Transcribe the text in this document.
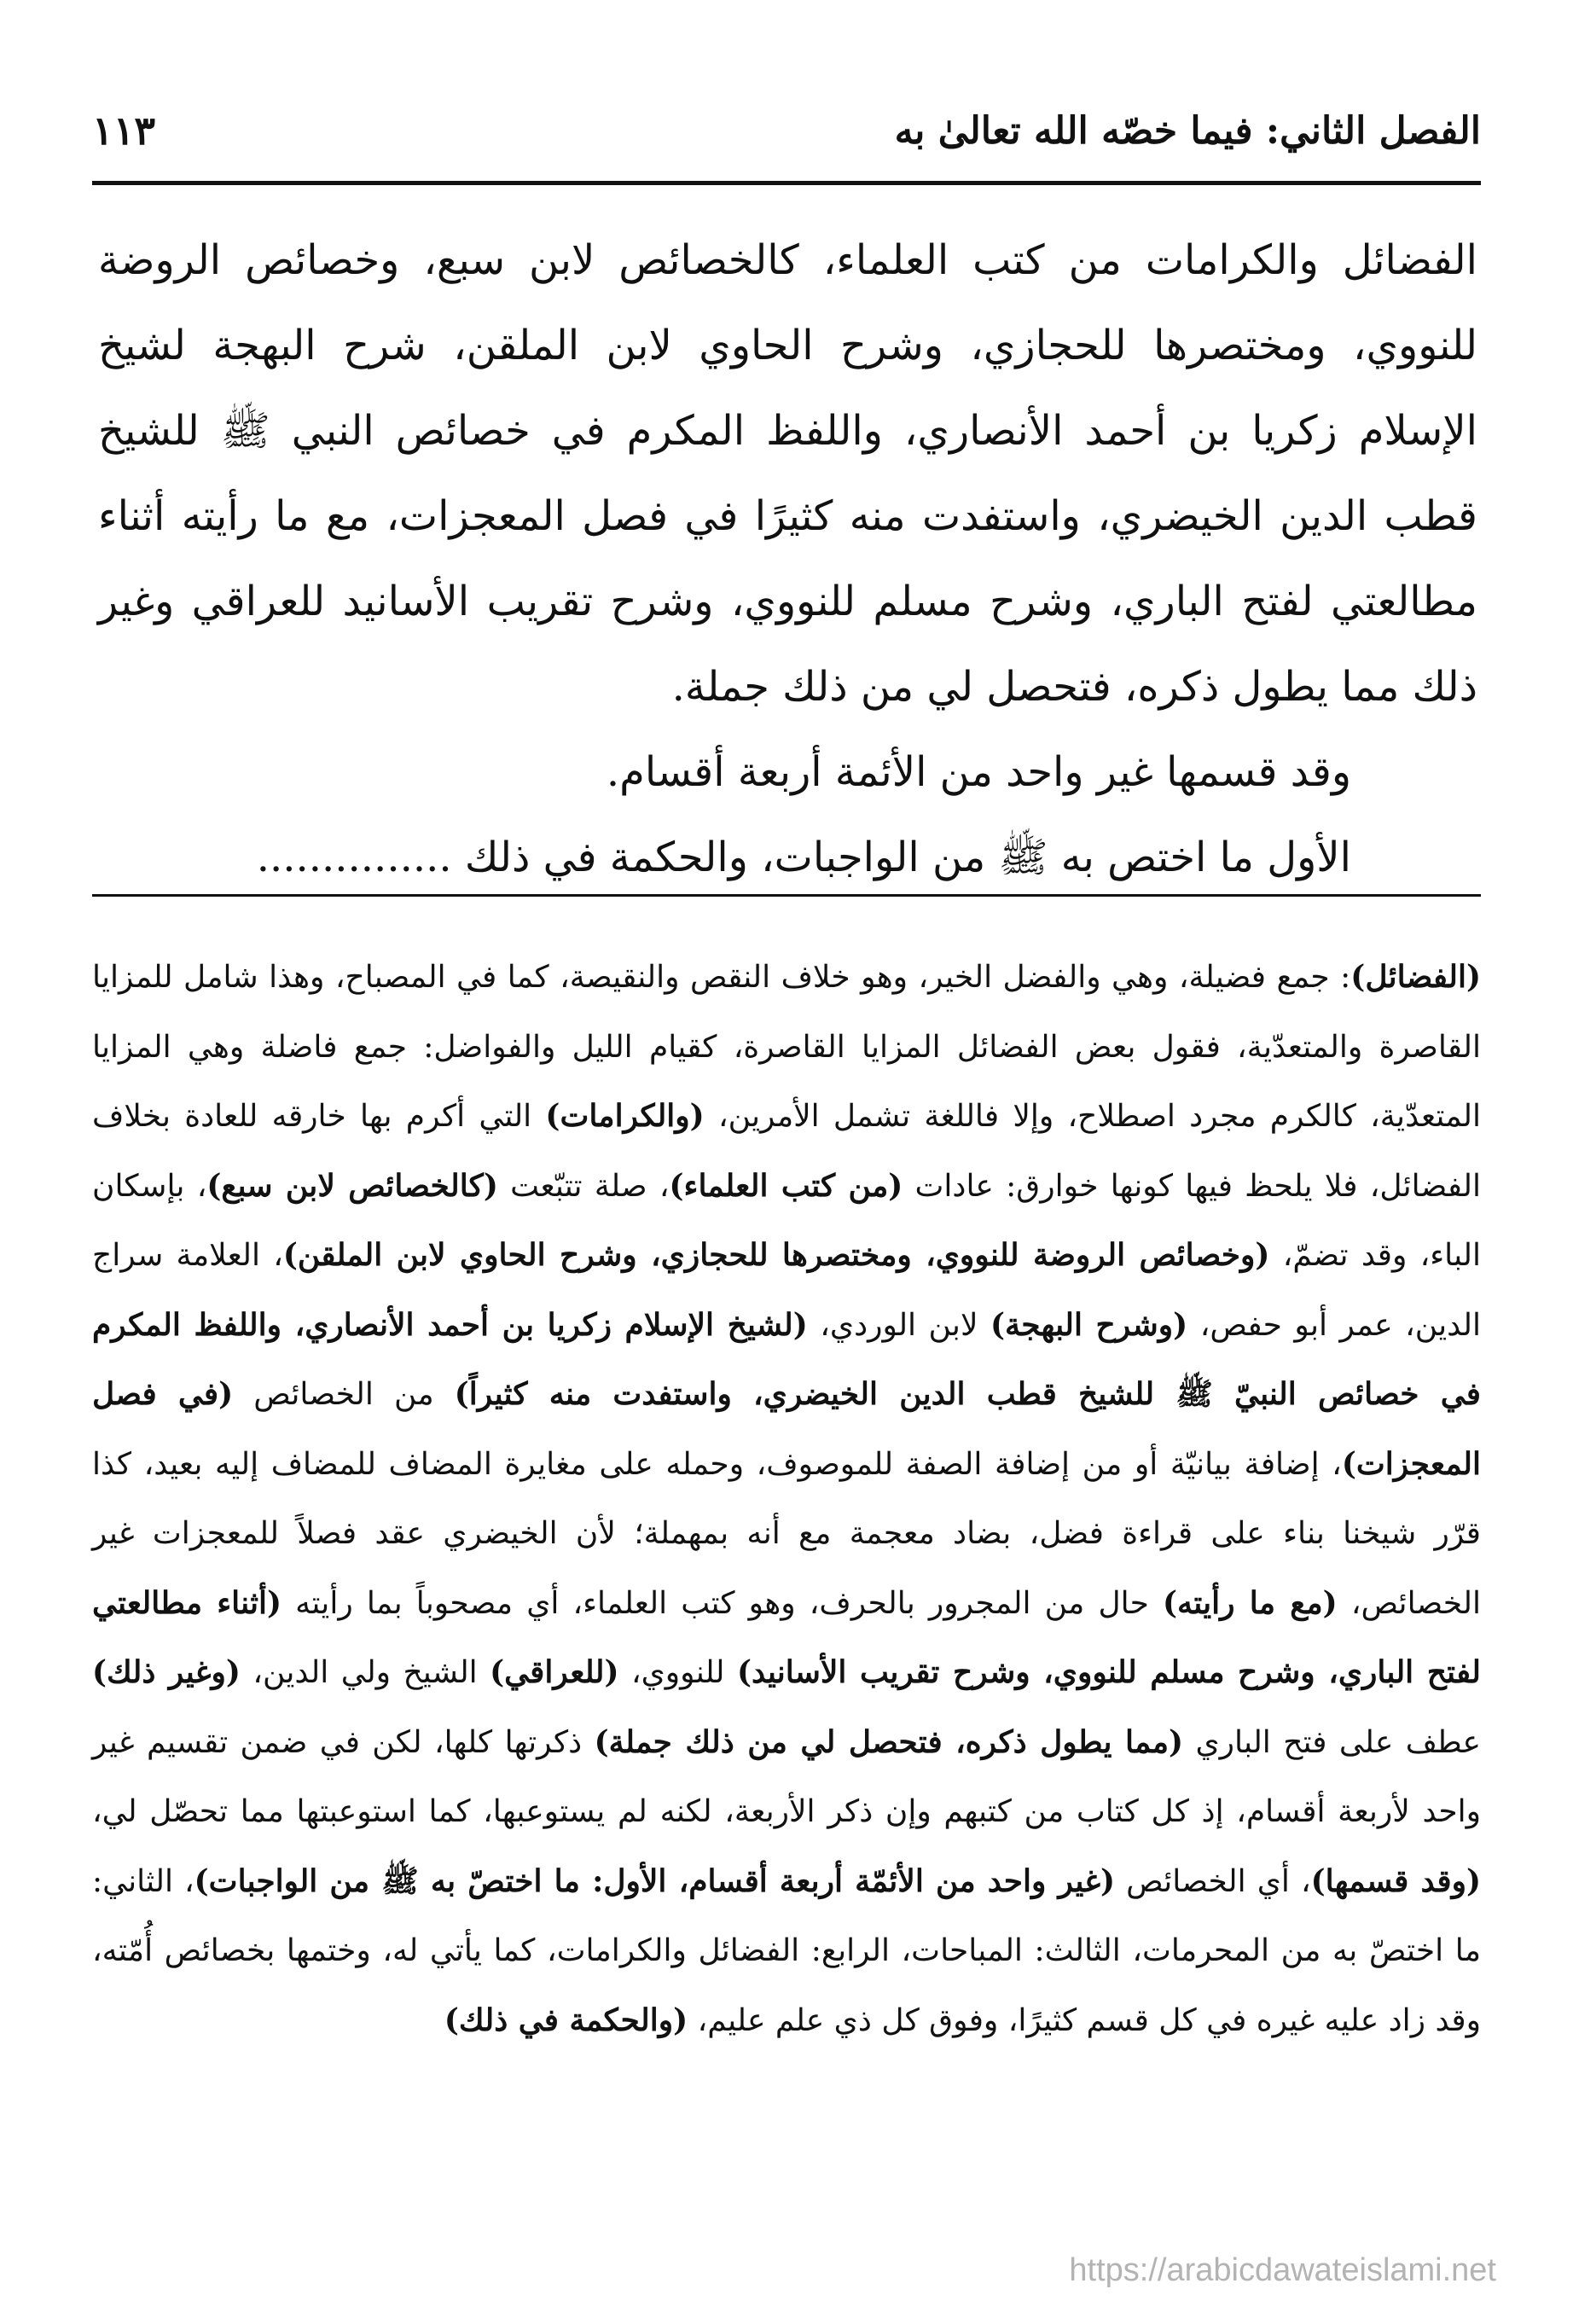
الفصل الثاني: فيما خصّه الله تعالىٰ به
١١٣

الفضائل والكرامات من كتب العلماء، كالخصائص لابن سبع، وخصائص الروضة للنووي، ومختصرها للحجازي، وشرح الحاوي لابن الملقن، شرح البهجة لشيخ الإسلام زكريا بن أحمد الأنصاري، واللفظ المكرم في خصائص النبي ﷺ للشيخ قطب الدين الخيضري، واستفدت منه كثيرًا في فصل المعجزات، مع ما رأيته أثناء مطالعتي لفتح الباري، وشرح مسلم للنووي، وشرح تقريب الأسانيد للعراقي وغير ذلك مما يطول ذكره، فتحصل لي من ذلك جملة.

وقد قسمها غير واحد من الأئمة أربعة أقسام.

الأول ما اختص به ﷺ من الواجبات، والحكمة في ذلك ...............

(الفضائل): جمع فضيلة، وهي والفضل الخير، وهو خلاف النقص والنقيصة، كما في المصباح، وهذا شامل للمزايا القاصرة والمتعدّية، فقول بعض الفضائل المزايا القاصرة، كقيام الليل والفواضل: جمع فاضلة وهي المزايا المتعدّية، كالكرم مجرد اصطلاح، وإلا فاللغة تشمل الأمرين، (والكرامات) التي أكرم بها خارقه للعادة بخلاف الفضائل، فلا يلحظ فيها كونها خوارق: عادات (من كتب العلماء)، صلة تتبّعت (كالخصائص لابن سبع)، بإسكان الباء، وقد تضمّ، (وخصائص الروضة للنووي، ومختصرها للحجازي، وشرح الحاوي لابن الملقن)، العلامة سراج الدين، عمر أبو حفص، (وشرح البهجة) لابن الوردي، (لشيخ الإسلام زكريا بن أحمد الأنصاري، واللفظ المكرم في خصائص النبيّ ﷺ للشيخ قطب الدين الخيضري، واستفدت منه كثيراً) من الخصائص (في فصل المعجزات)، إضافة بيانيّة أو من إضافة الصفة للموصوف، وحمله على مغايرة المضاف للمضاف إليه بعيد، كذا قرّر شيخنا بناء على قراءة فضل، بضاد معجمة مع أنه بمهملة؛ لأن الخيضري عقد فصلاً للمعجزات غير الخصائص، (مع ما رأيته) حال من المجرور بالحرف، وهو كتب العلماء، أي مصحوباً بما رأيته (أثناء مطالعتي لفتح الباري، وشرح مسلم للنووي، وشرح تقريب الأسانيد) للنووي، (للعراقي) الشيخ ولي الدين، (وغير ذلك) عطف على فتح الباري (مما يطول ذكره، فتحصل لي من ذلك جملة) ذكرتها كلها، لكن في ضمن تقسيم غير واحد لأربعة أقسام، إذ كل كتاب من كتبهم وإن ذكر الأربعة، لكنه لم يستوعبها، كما استوعبتها مما تحصّل لي، (وقد قسمها)، أي الخصائص (غير واحد من الأئمّة أربعة أقسام، الأول: ما اختصّ به ﷺ من الواجبات)، الثاني: ما اختصّ به من المحرمات، الثالث: المباحات، الرابع: الفضائل والكرامات، كما يأتي له، وختمها بخصائص أُمّته، وقد زاد عليه غيره في كل قسم كثيرًا، وفوق كل ذي علم عليم، (والحكمة في ذلك)

https://arabicdawateislami.net
